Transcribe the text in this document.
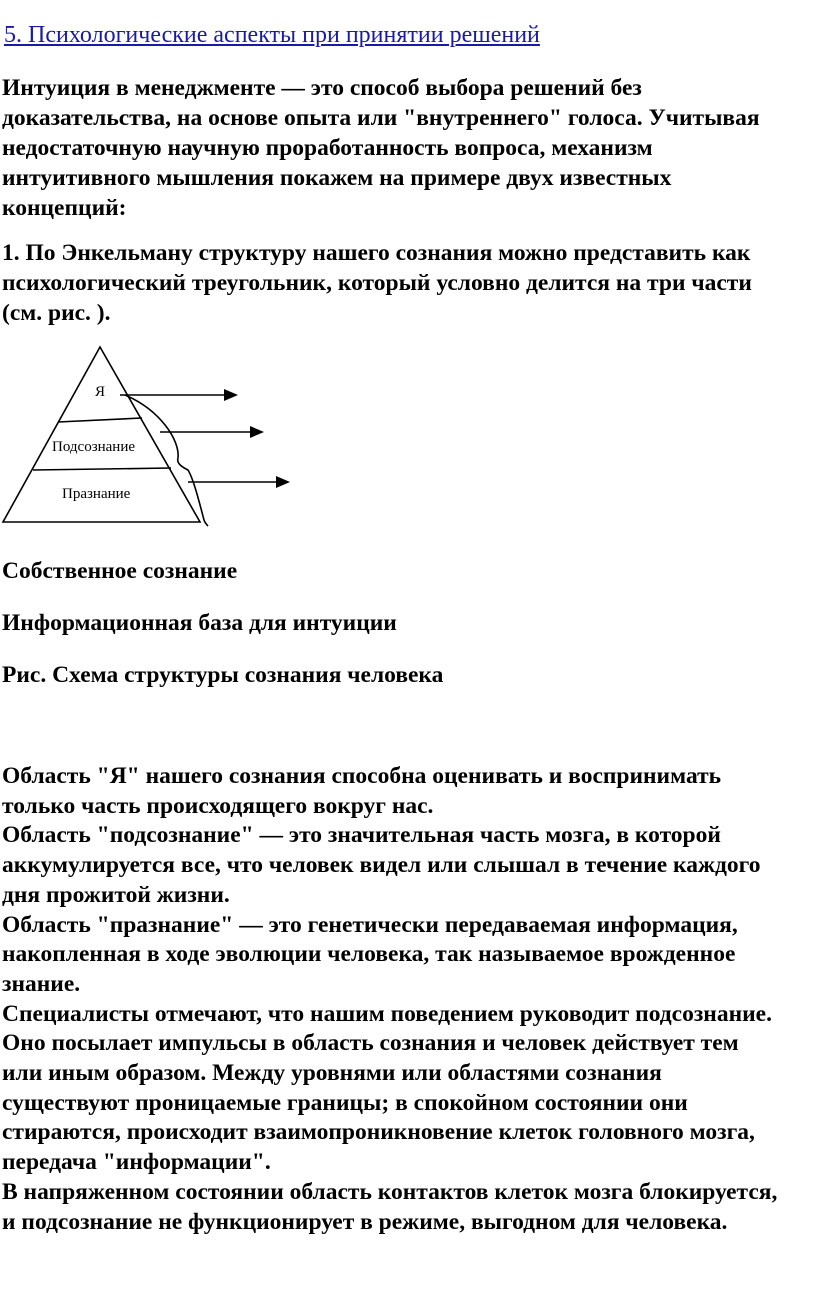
5. Психологические аспекты при принятии решений

Интуиция в менеджменте — это способ выбора решений без

доказательства, на основе опыта или "внутреннего" голоса. Учитывая

недостаточную научную проработанность вопроса, механизм

интуитивного мышления покажем на примере двух известных

концепций:

1. По Энкельману структуру нашего сознания можно представить как

психологический треугольник, который условно делится на три части

(см. рис. ).

Я
Подсознание
Празнание
Собственное сознание
Информационная база для интуиции
Рис. Схема структуры сознания человека

Область "Я" нашего сознания способна оценивать и воспринимать

только часть происходящего вокруг нас.

Область "подсознание" — это значительная часть мозга, в которой

аккумулируется все, что человек видел или слышал в течение каждого

дня прожитой жизни.

Область "празнание" — это генетически передаваемая информация,

накопленная в ходе эволюции человека, так называемое врожденное

знание.

Специалисты отмечают, что нашим поведением руководит подсознание.

Оно посылает импульсы в область сознания и человек действует тем

или иным образом. Между уровнями или областями сознания

существуют проницаемые границы; в спокойном состоянии они

стираются, происходит взаимопроникновение клеток головного мозга,

передача "информации".

В напряженном состоянии область контактов клеток мозга блокируется,

и подсознание не функционирует в режиме, выгодном для человека.
